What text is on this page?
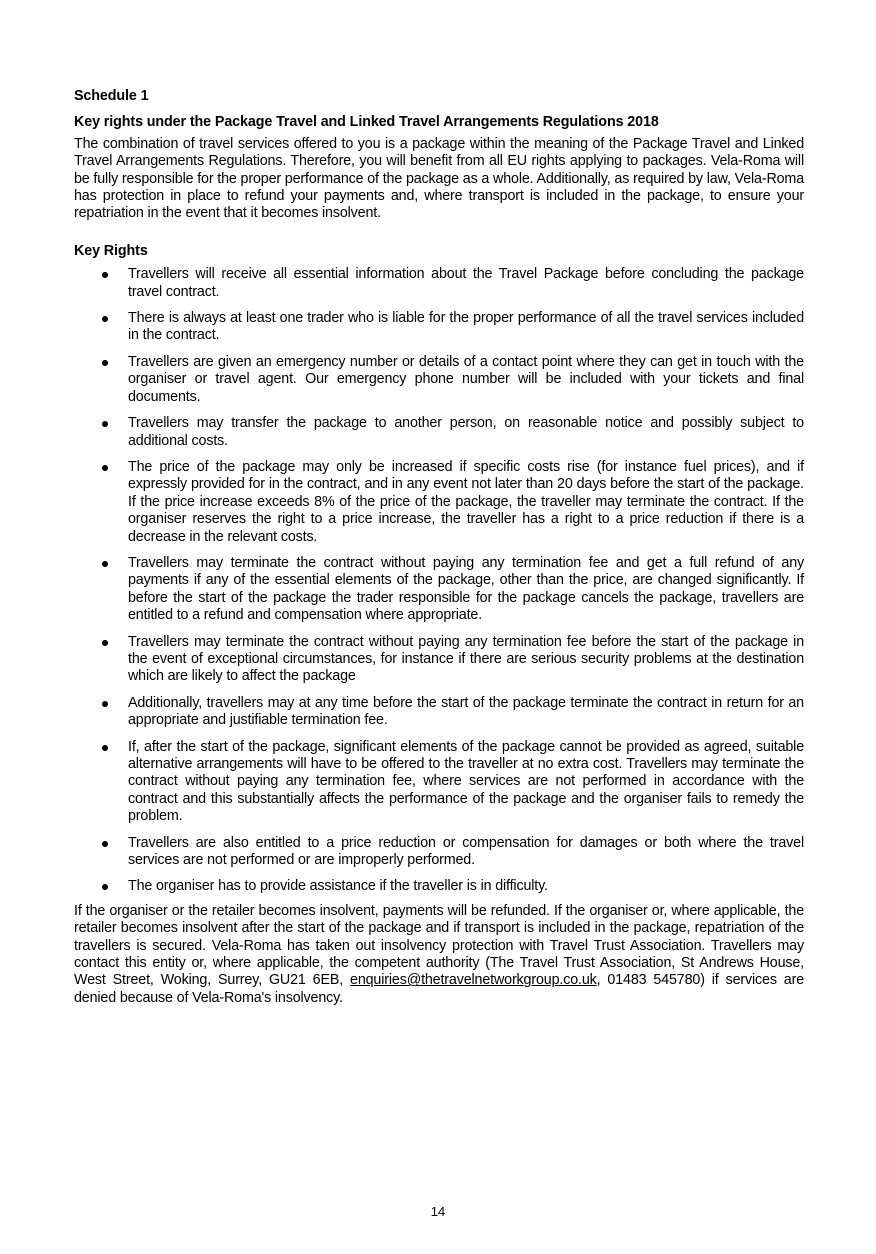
Schedule 1
Key rights under the Package Travel and Linked Travel Arrangements Regulations 2018

The combination of travel services offered to you is a package within the meaning of the Package Travel and Linked Travel Arrangements Regulations. Therefore, you will benefit from all EU rights applying to packages. Vela-Roma will be fully responsible for the proper performance of the package as a whole. Additionally, as required by law, Vela-Roma has protection in place to refund your payments and, where transport is included in the package, to ensure your repatriation in the event that it becomes insolvent.

Key Rights
Travellers will receive all essential information about the Travel Package before concluding the package travel contract.
There is always at least one trader who is liable for the proper performance of all the travel services included in the contract.
Travellers are given an emergency number or details of a contact point where they can get in touch with the organiser or travel agent. Our emergency phone number will be included with your tickets and final documents.
Travellers may transfer the package to another person, on reasonable notice and possibly subject to additional costs.
The price of the package may only be increased if specific costs rise (for instance fuel prices), and if expressly provided for in the contract, and in any event not later than 20 days before the start of the package. If the price increase exceeds 8% of the price of the package, the traveller may terminate the contract. If the organiser reserves the right to a price increase, the traveller has a right to a price reduction if there is a decrease in the relevant costs.
Travellers may terminate the contract without paying any termination fee and get a full refund of any payments if any of the essential elements of the package, other than the price, are changed significantly. If before the start of the package the trader responsible for the package cancels the package, travellers are entitled to a refund and compensation where appropriate.
Travellers may terminate the contract without paying any termination fee before the start of the package in the event of exceptional circumstances, for instance if there are serious security problems at the destination which are likely to affect the package
Additionally, travellers may at any time before the start of the package terminate the contract in return for an appropriate and justifiable termination fee.
If, after the start of the package, significant elements of the package cannot be provided as agreed, suitable alternative arrangements will have to be offered to the traveller at no extra cost. Travellers may terminate the contract without paying any termination fee, where services are not performed in accordance with the contract and this substantially affects the performance of the package and the organiser fails to remedy the problem.
Travellers are also entitled to a price reduction or compensation for damages or both where the travel services are not performed or are improperly performed.
The organiser has to provide assistance if the traveller is in difficulty.

If the organiser or the retailer becomes insolvent, payments will be refunded. If the organiser or, where applicable, the retailer becomes insolvent after the start of the package and if transport is included in the package, repatriation of the travellers is secured. Vela-Roma has taken out insolvency protection with Travel Trust Association. Travellers may contact this entity or, where applicable, the competent authority (The Travel Trust Association, St Andrews House, West Street, Woking, Surrey, GU21 6EB, enquiries@thetravelnetworkgroup.co.uk, 01483 545780) if services are denied because of Vela-Roma's insolvency.

14
